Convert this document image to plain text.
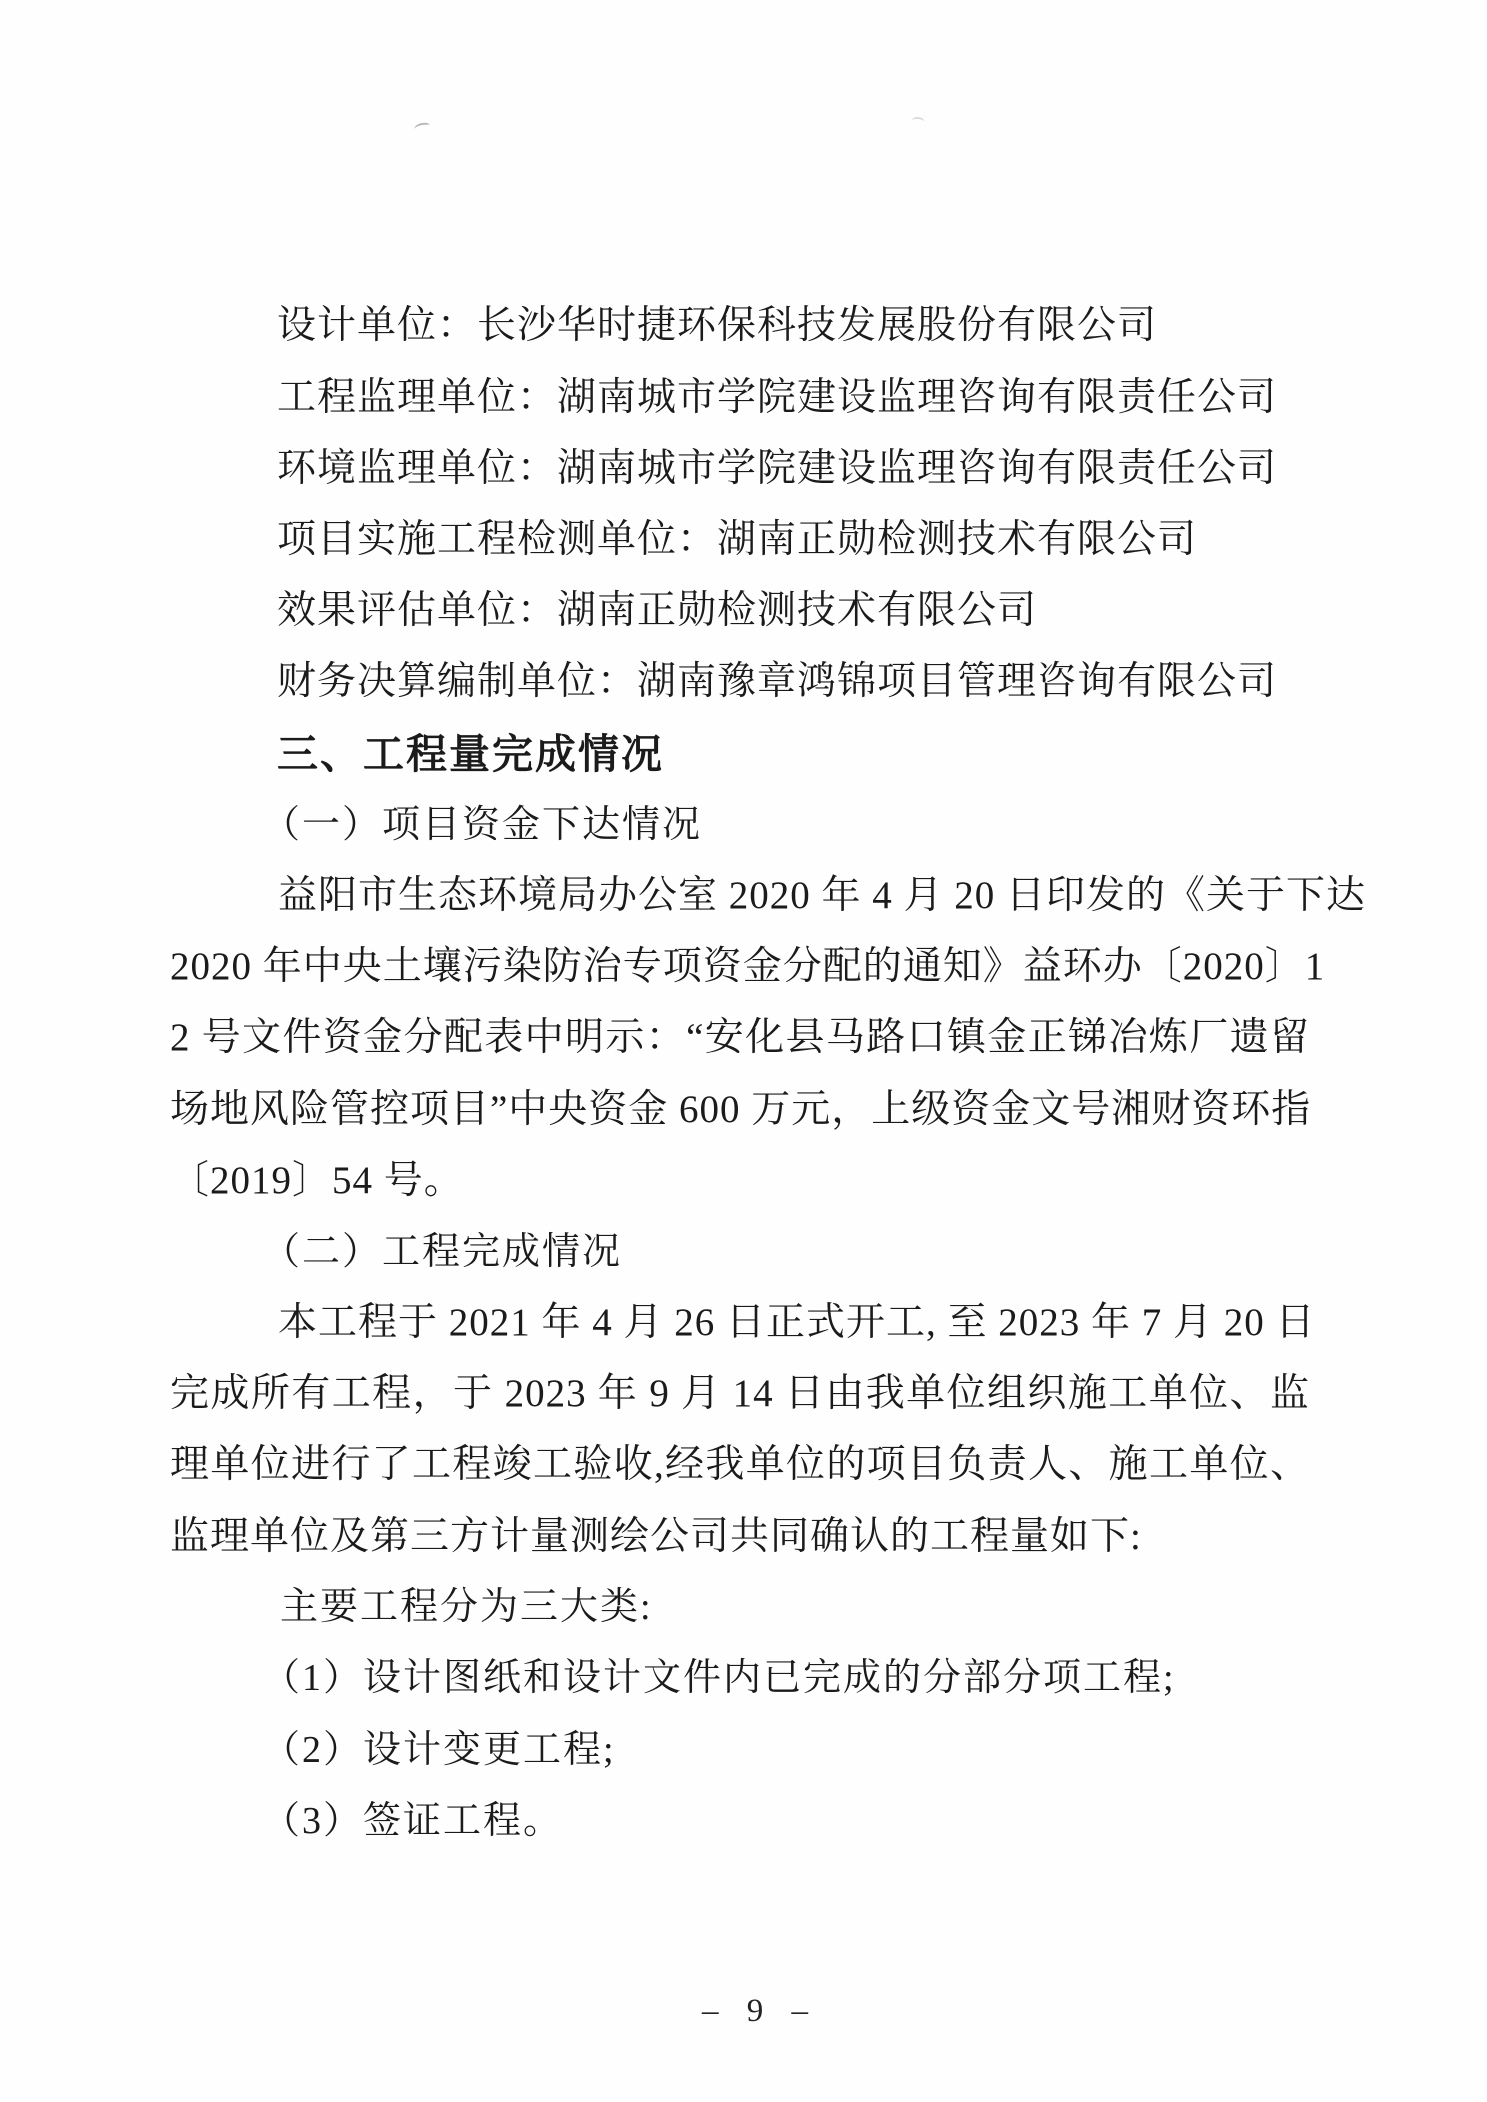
设计单位：长沙华时捷环保科技发展股份有限公司
工程监理单位：湖南城市学院建设监理咨询有限责任公司
环境监理单位：湖南城市学院建设监理咨询有限责任公司
项目实施工程检测单位：湖南正勋检测技术有限公司
效果评估单位：湖南正勋检测技术有限公司
财务决算编制单位：湖南豫章鸿锦项目管理咨询有限公司
三、工程量完成情况
（一）项目资金下达情况
益阳市生态环境局办公室 2020 年 4 月 20 日印发的《关于下达
2020 年中央土壤污染防治专项资金分配的通知》益环办〔2020〕1
2 号文件资金分配表中明示：“安化县马路口镇金正锑冶炼厂遗留
场地风险管控项目”中央资金 600 万元，上级资金文号湘财资环指
〔2019〕54 号。
（二）工程完成情况
本工程于 2021 年 4 月 26 日正式开工, 至 2023 年 7 月 20 日
完成所有工程，于 2023 年 9 月 14 日由我单位组织施工单位、监
理单位进行了工程竣工验收,经我单位的项目负责人、施工单位、
监理单位及第三方计量测绘公司共同确认的工程量如下:
主要工程分为三大类:
（1）设计图纸和设计文件内已完成的分部分项工程;
（2）设计变更工程;
（3）签证工程。
– 9 –
